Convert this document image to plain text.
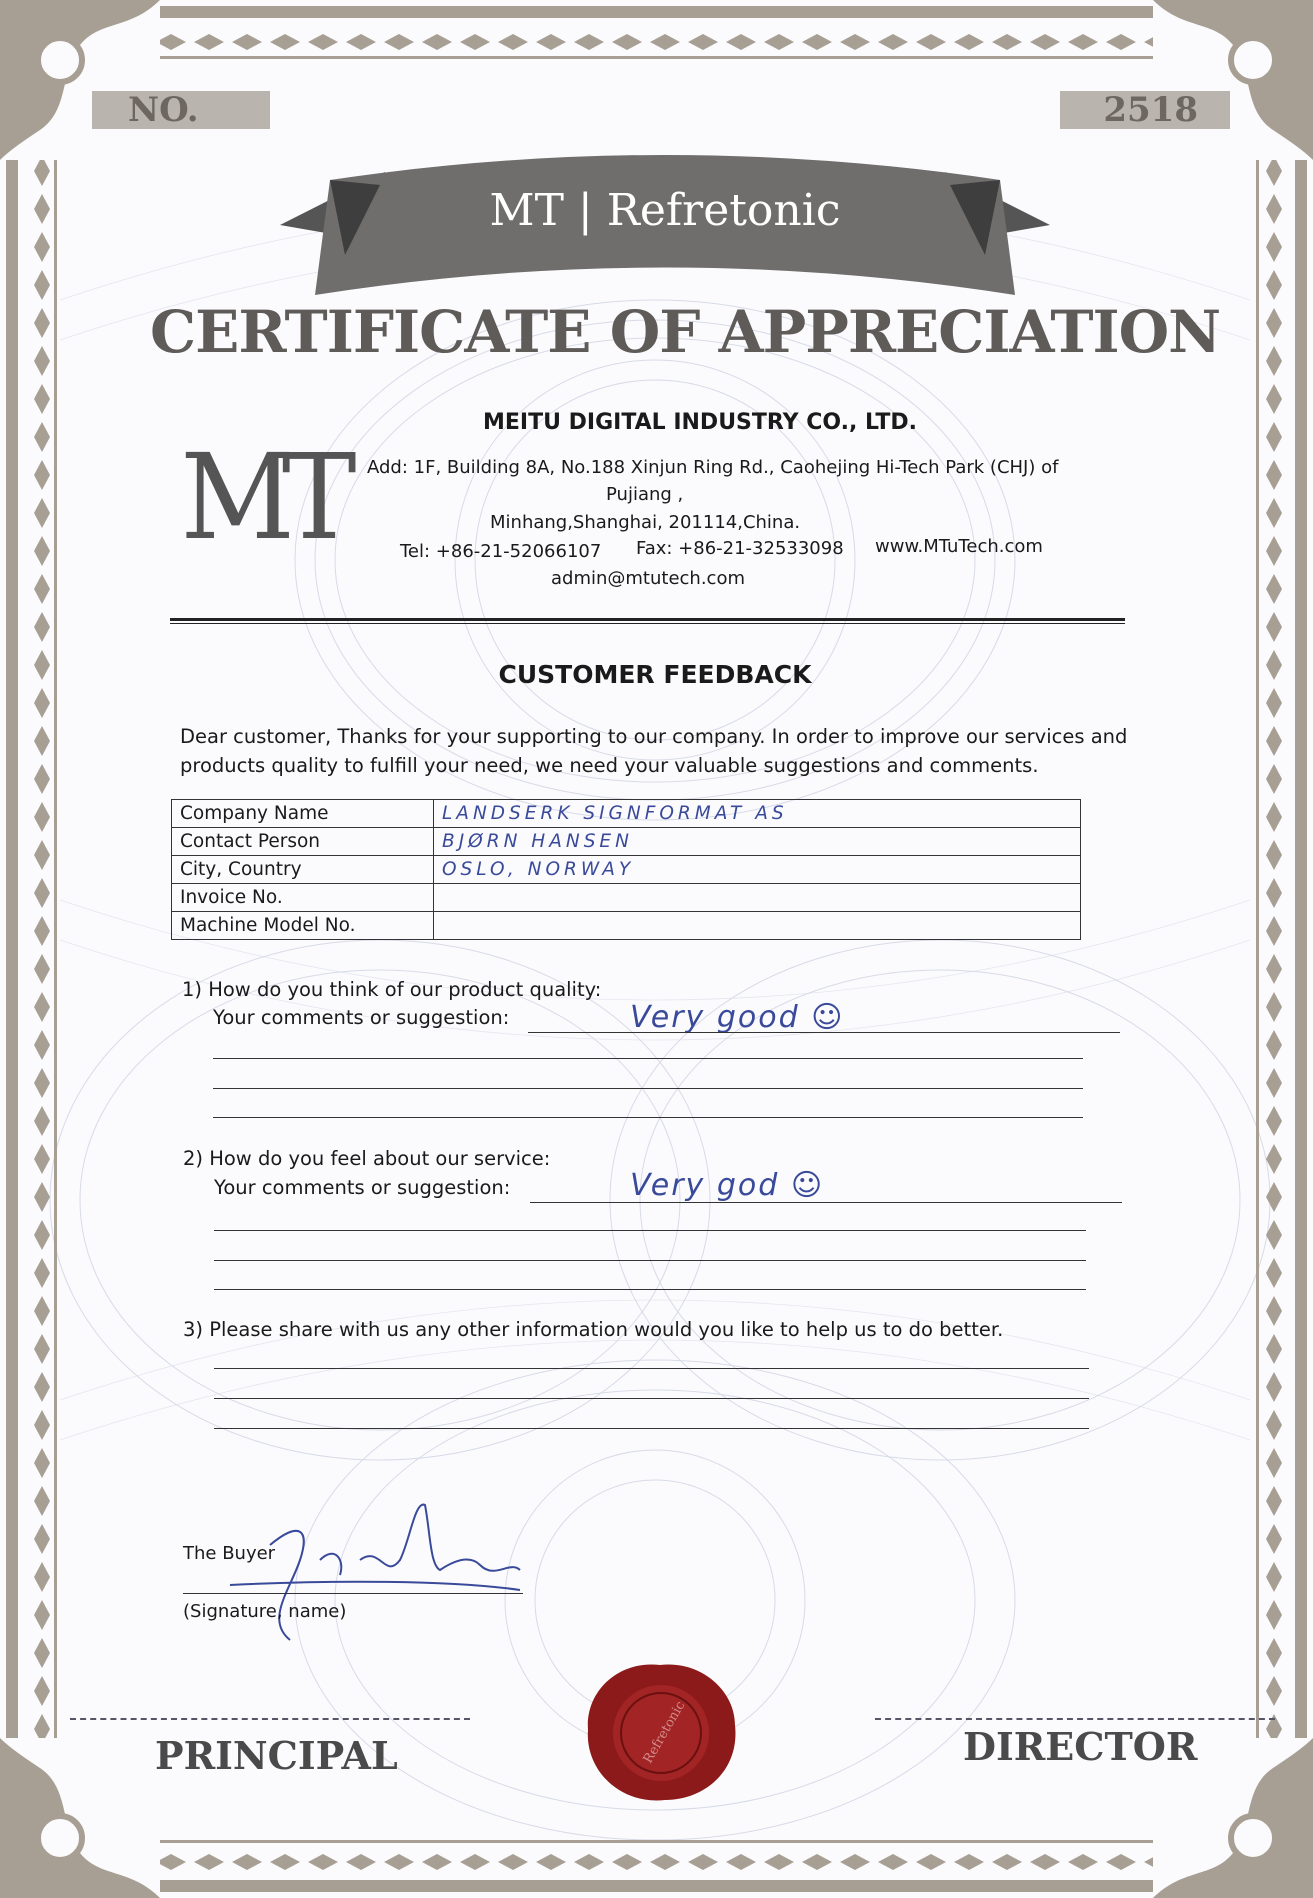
NO.	2518
MT | Refretonic
CERTIFICATE OF APPRECIATION
MT
MEITU DIGITAL INDUSTRY CO., LTD.
Add: 1F, Building 8A, No.188 Xinjun Ring Rd., Caohejing Hi-Tech Park (CHJ) of
Pujiang ,
Minhang,Shanghai, 201114,China.
Tel: +86-21-52066107 Fax: +86-21-32533098 www.MTuTech.com
admin@mtutech.com
CUSTOMER FEEDBACK
Dear customer, Thanks for your supporting to our company. In order to improve our services and
products quality to fulfill your need, we need your valuable suggestions and comments.
Company Name	LANDSERK SIGNFORMAT AS
Contact Person	BJØRN HANSEN
City, Country	OSLO, NORWAY
Invoice No.	
Machine Model No.	
1) How do you think of our product quality:
Your comments or suggestion:	Very good ☺
2) How do you feel about our service:
Your comments or suggestion:	Very god ☺
3) Please share with us any other information would you like to help us to do better.
The Buyer
(Signature, name)
Refretonic
PRINCIPAL	DIRECTOR
